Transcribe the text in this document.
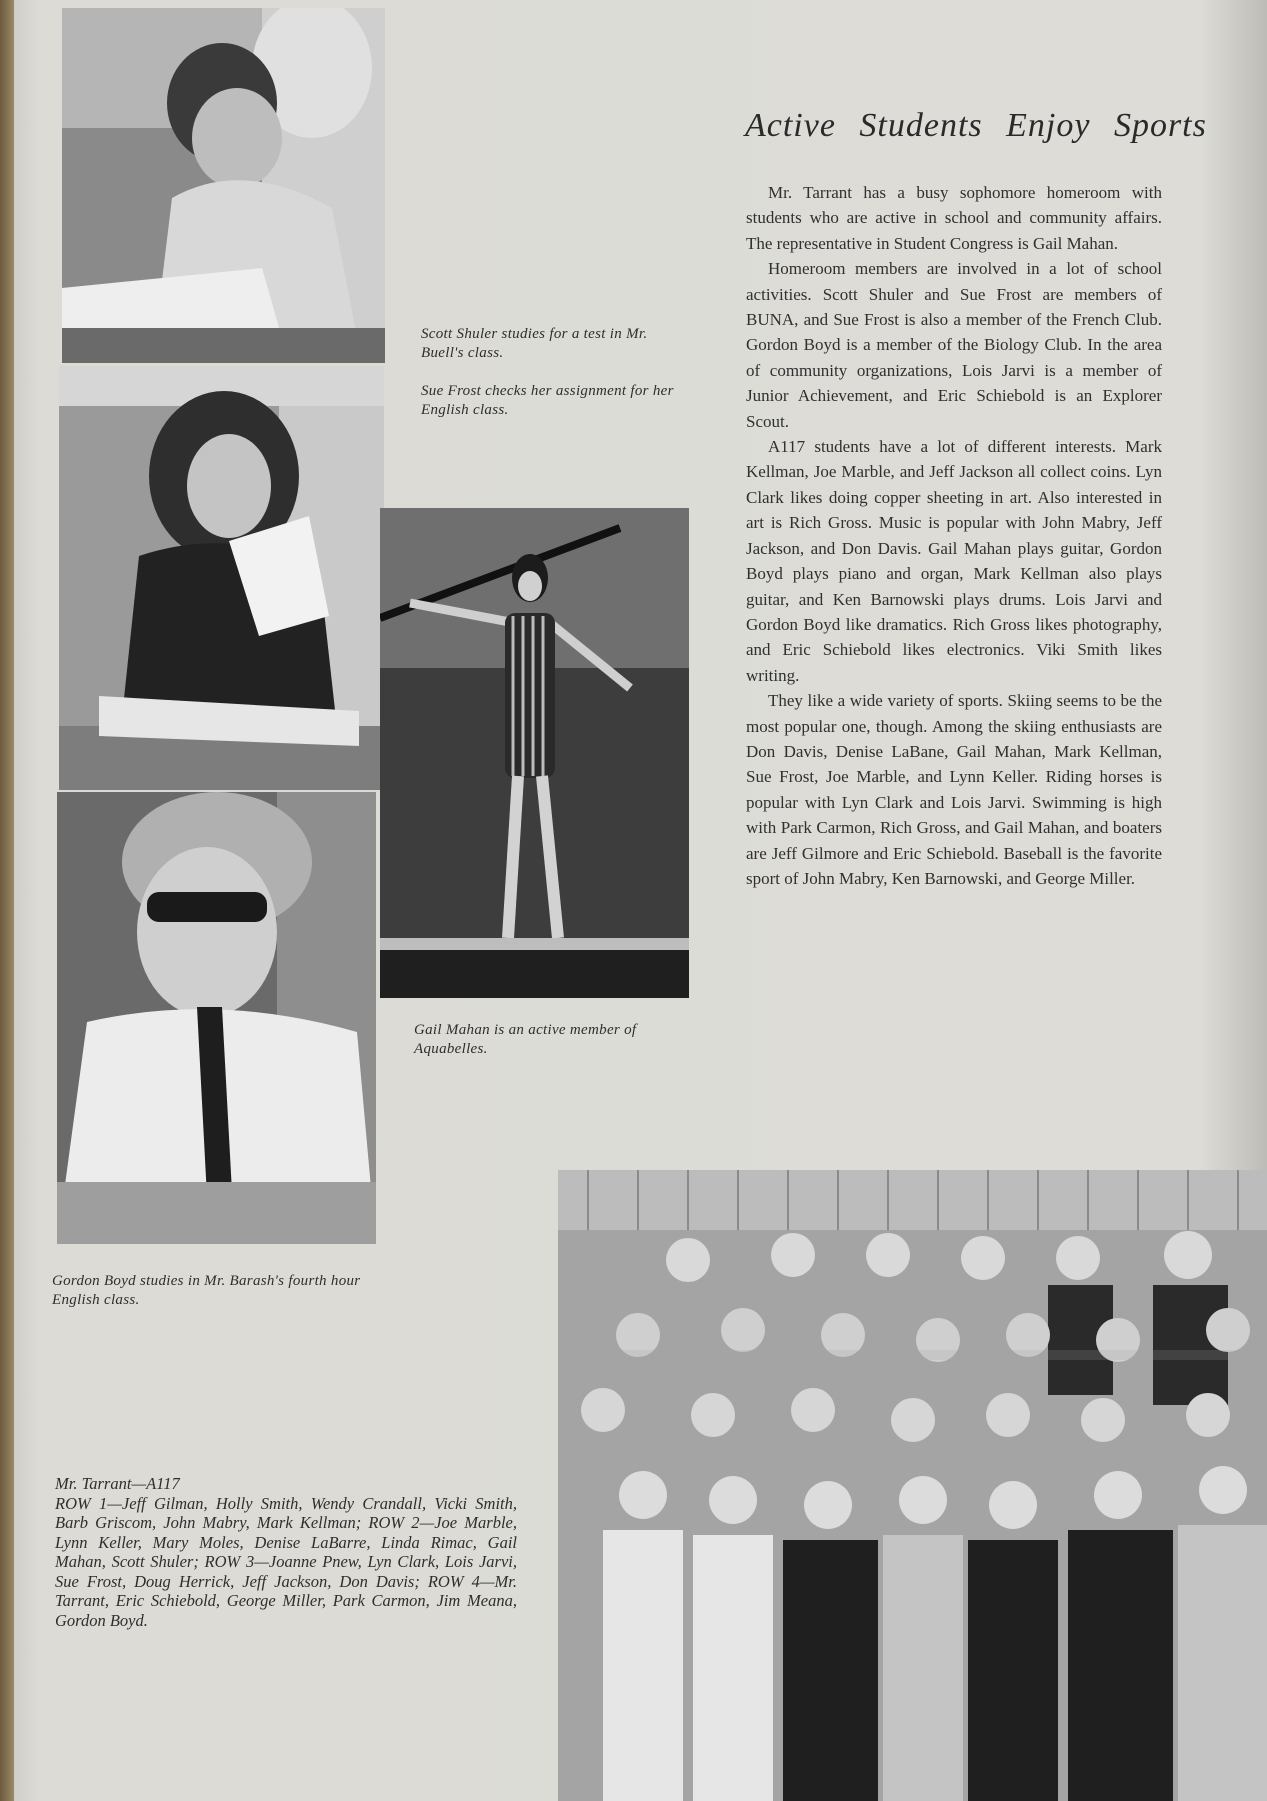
Scott Shuler studies for a test in Mr. Buell's class.

Sue Frost checks her assignment for her English class.

Gail Mahan is an active member of Aquabelles.
Gordon Boyd studies in Mr. Barash's fourth hour English class.
Active Students Enjoy Sports

Mr. Tarrant has a busy sophomore homeroom with students who are active in school and community affairs. The representative in Student Congress is Gail Mahan.

Homeroom members are involved in a lot of school activities. Scott Shuler and Sue Frost are members of BUNA, and Sue Frost is also a member of the French Club. Gordon Boyd is a member of the Biology Club. In the area of community organizations, Lois Jarvi is a member of Junior Achievement, and Eric Schiebold is an Explorer Scout.

A117 students have a lot of different interests. Mark Kellman, Joe Marble, and Jeff Jackson all collect coins. Lyn Clark likes doing copper sheeting in art. Also interested in art is Rich Gross. Music is popular with John Mabry, Jeff Jackson, and Don Davis. Gail Mahan plays guitar, Gordon Boyd plays piano and organ, Mark Kellman also plays guitar, and Ken Barnowski plays drums. Lois Jarvi and Gordon Boyd like dramatics. Rich Gross likes photography, and Eric Schiebold likes electronics. Viki Smith likes writing.

They like a wide variety of sports. Skiing seems to be the most popular one, though. Among the skiing enthusiasts are Don Davis, Denise LaBane, Gail Mahan, Mark Kellman, Sue Frost, Joe Marble, and Lynn Keller. Riding horses is popular with Lyn Clark and Lois Jarvi. Swimming is high with Park Carmon, Rich Gross, and Gail Mahan, and boaters are Jeff Gilmore and Eric Schiebold. Baseball is the favorite sport of John Mabry, Ken Barnowski, and George Miller.

Mr. Tarrant—A117
ROW 1—Jeff Gilman, Holly Smith, Wendy Crandall, Vicki Smith, Barb Griscom, John Mabry, Mark Kellman; ROW 2—Joe Marble, Lynn Keller, Mary Moles, Denise LaBarre, Linda Rimac, Gail Mahan, Scott Shuler; ROW 3—Joanne Pnew, Lyn Clark, Lois Jarvi, Sue Frost, Doug Herrick, Jeff Jackson, Don Davis; ROW 4—Mr. Tarrant, Eric Schiebold, George Miller, Park Carmon, Jim Meana, Gordon Boyd.
